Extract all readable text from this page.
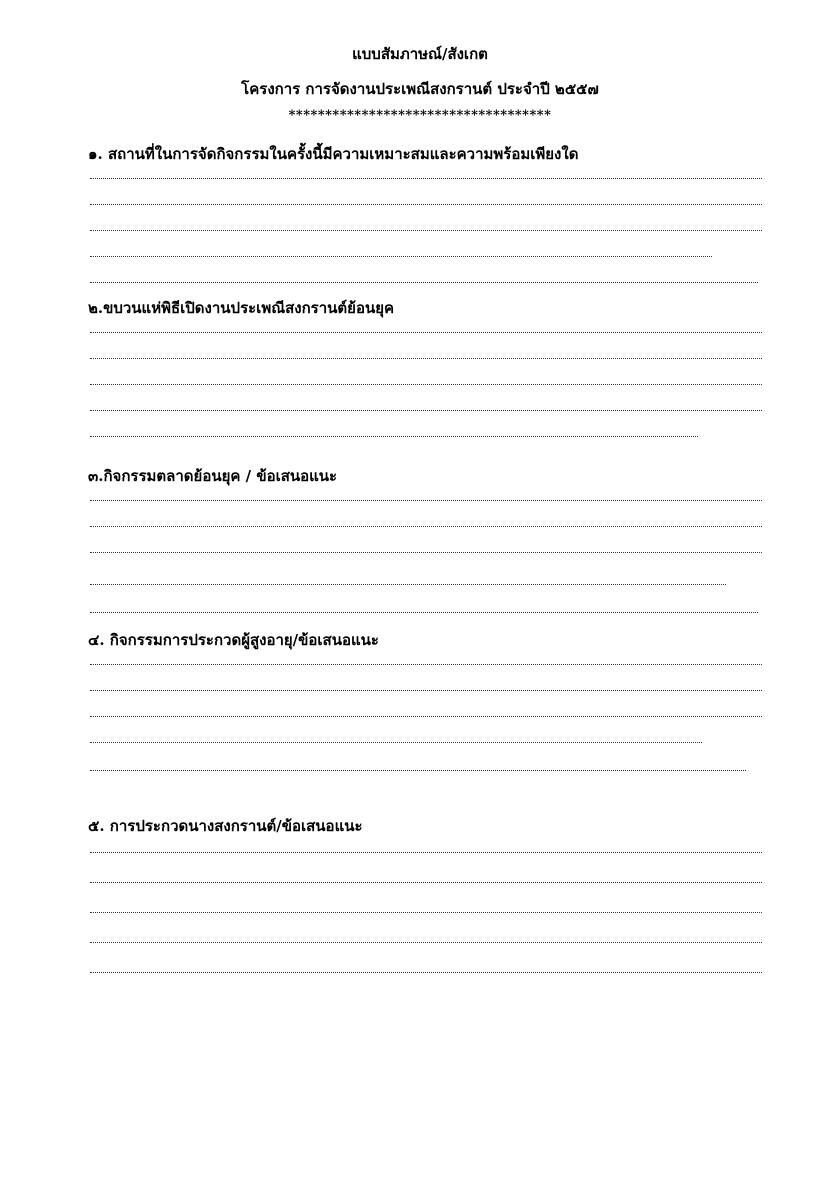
แบบสัมภาษณ์/สังเกต
โครงการ การจัดงานประเพณีสงกรานต์ ประจำปี ๒๕๕๗
************************************
๑. สถานที่ในการจัดกิจกรรมในครั้งนี้มีความเหมาะสมและความพร้อมเพียงใด
๒.ขบวนแห่พิธีเปิดงานประเพณีสงกรานต์ย้อนยุค
๓.กิจกรรมตลาดย้อนยุค / ข้อเสนอแนะ
๔. กิจกรรมการประกวดผู้สูงอายุ/ข้อเสนอแนะ
๕. การประกวดนางสงกรานต์/ข้อเสนอแนะ
